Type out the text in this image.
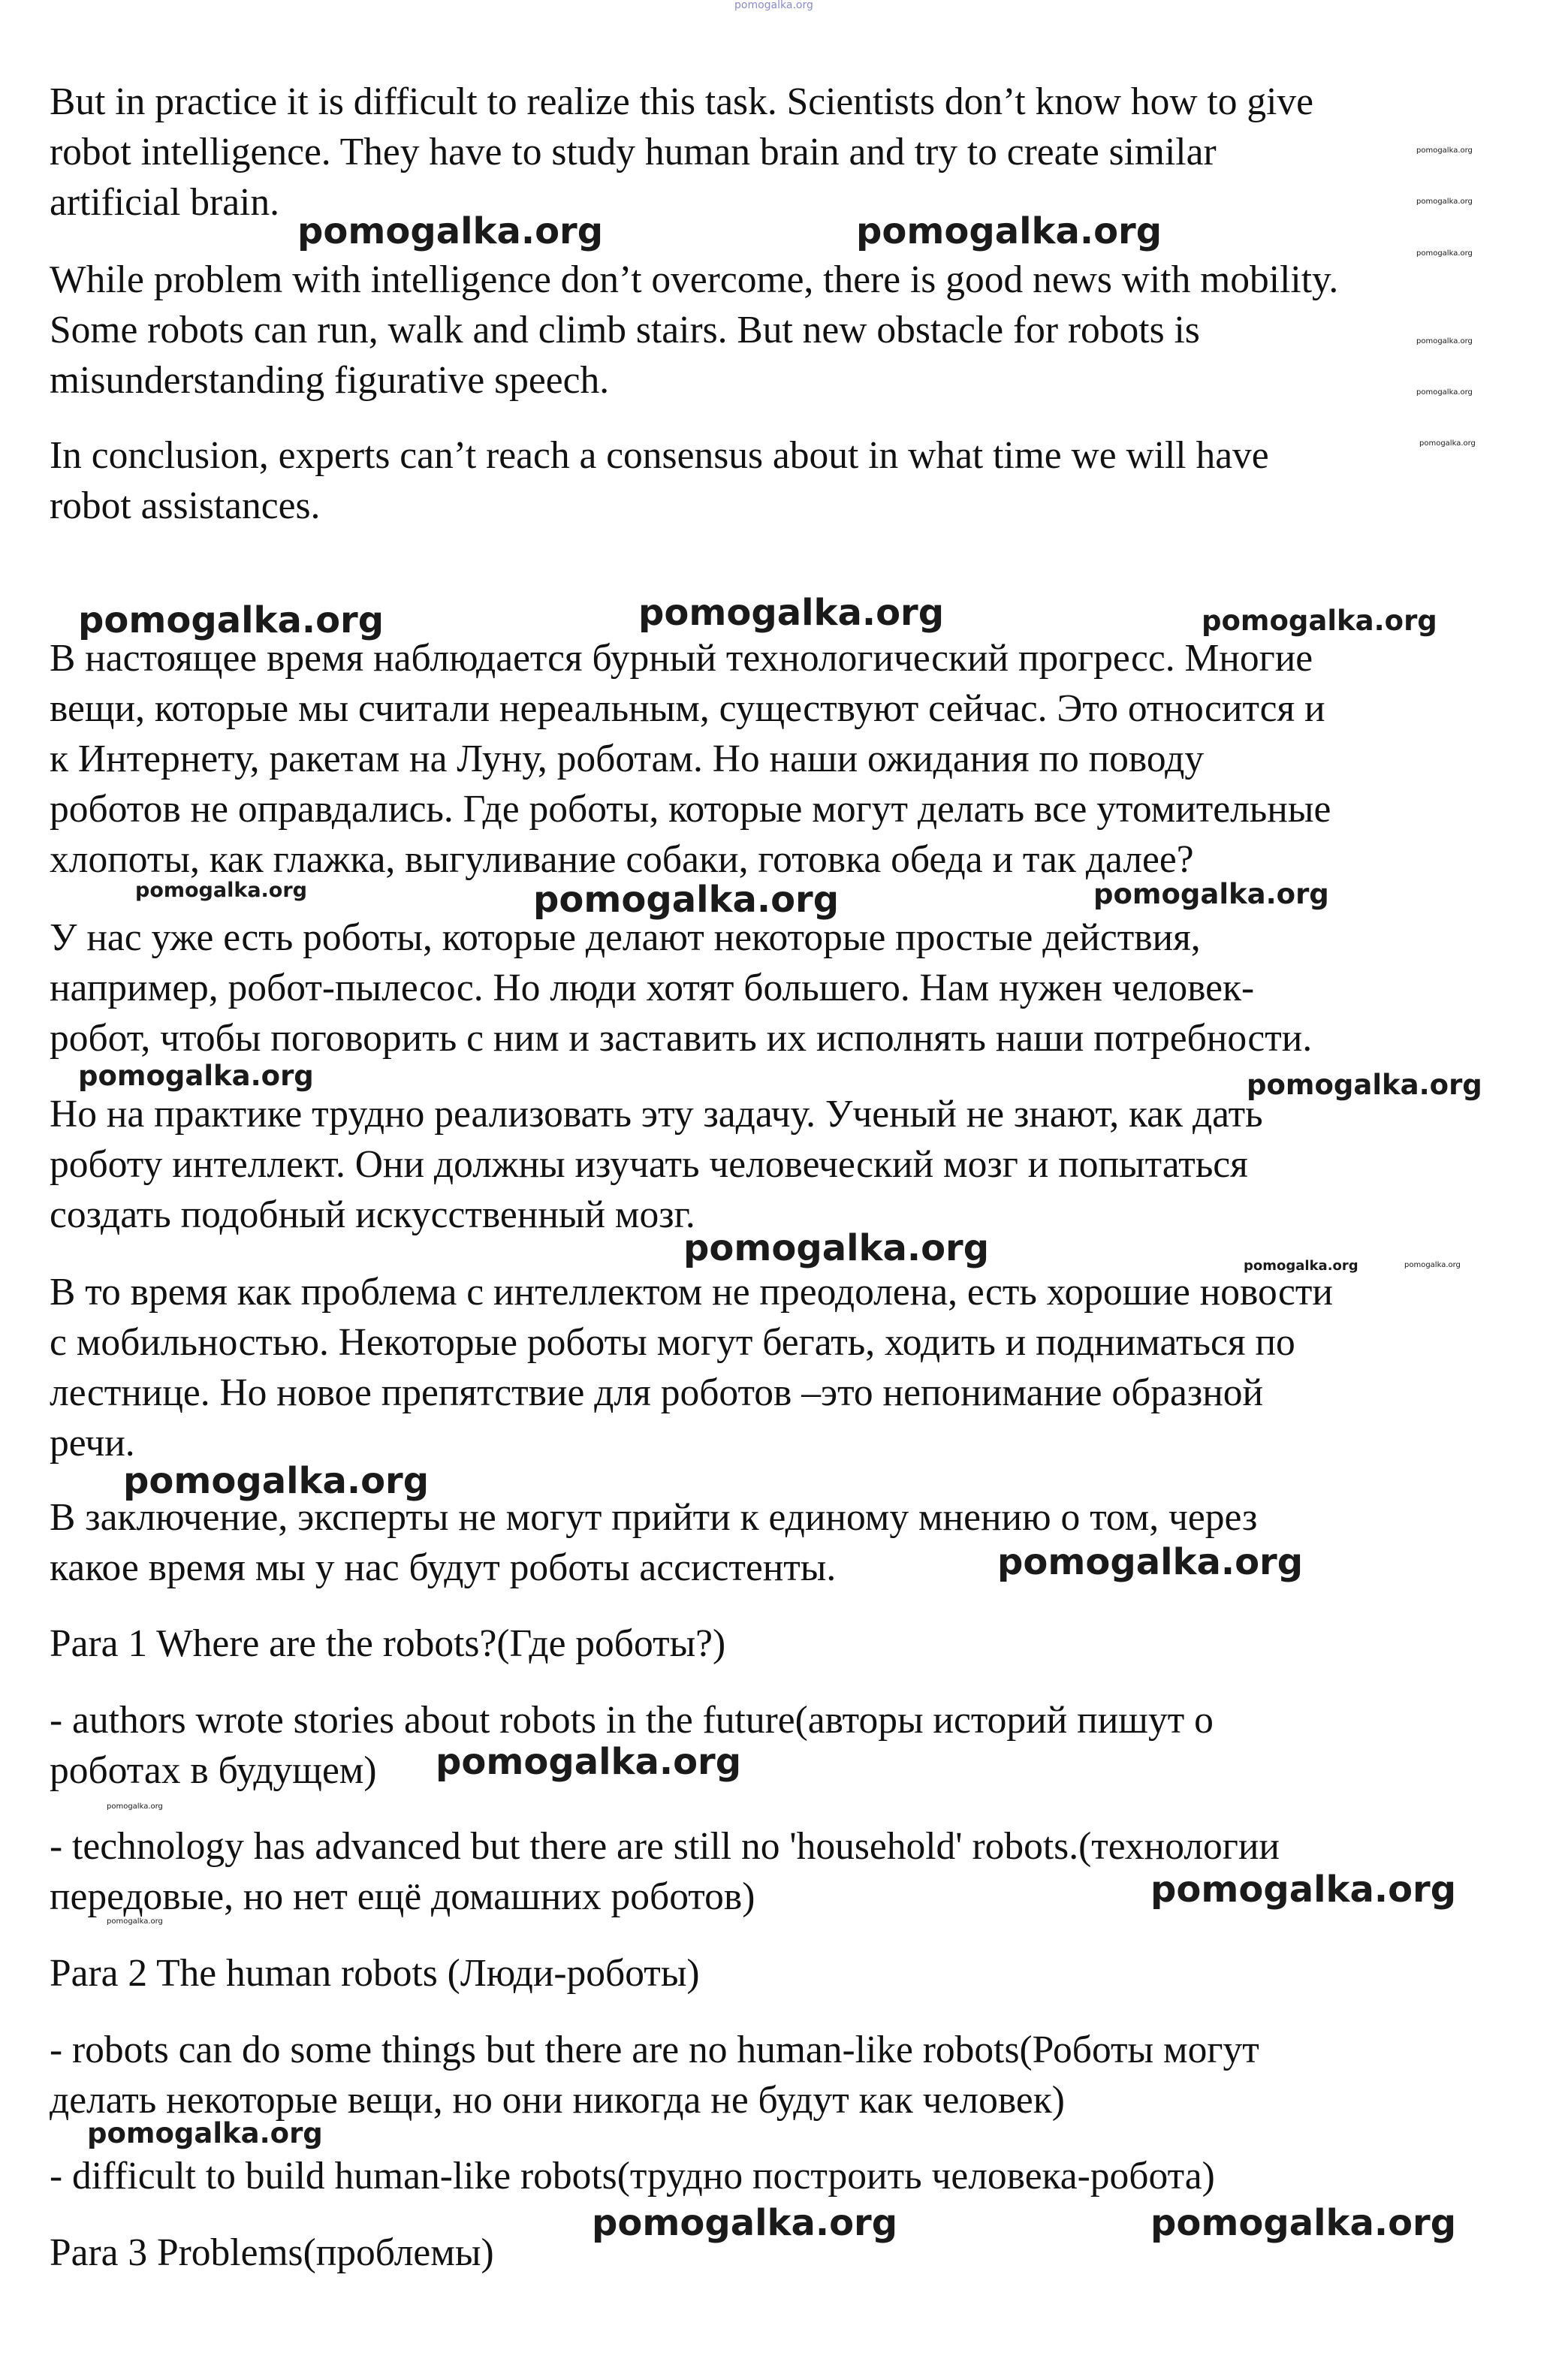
pomogalka.org

But in practice it is difficult to realize this task. Scientists don’t know how to give
robot intelligence. They have to study human brain and try to create similar
artificial brain.

While problem with intelligence don’t overcome, there is good news with mobility.
Some robots can run, walk and climb stairs. But new obstacle for robots is
misunderstanding figurative speech.

In conclusion, experts can’t reach a consensus about in what time we will have
robot assistances.

В настоящее время наблюдается бурный технологический прогресс. Многие
вещи, которые мы считали нереальным, существуют сейчас. Это относится и
к Интернету, ракетам на Луну, роботам. Но наши ожидания по поводу
роботов не оправдались. Где роботы, которые могут делать все утомительные
хлопоты, как глажка, выгуливание собаки, готовка обеда и так далее?

У нас уже есть роботы, которые делают некоторые простые действия,
например, робот-пылесос. Но люди хотят большего. Нам нужен человек-
робот, чтобы поговорить с ним и заставить их исполнять наши потребности.

Но на практике трудно реализовать эту задачу. Ученый не знают, как дать
роботу интеллект. Они должны изучать человеческий мозг и попытаться
создать подобный искусственный мозг.

В то время как проблема с интеллектом не преодолена, есть хорошие новости
с мобильностью. Некоторые роботы могут бегать, ходить и подниматься по
лестнице. Но новое препятствие для роботов –это непонимание образной
речи.

В заключение, эксперты не могут прийти к единому мнению о том, через
какое время мы у нас будут роботы ассистенты.

Para 1 Where are the robots?(Где роботы?)

- authors wrote stories about robots in the future(авторы историй пишут о
роботах в будущем)

- technology has advanced but there are still no 'household' robots.(технологии
передовые, но нет ещё домашних роботов)

Para 2 The human robots (Люди-роботы)

- robots can do some things but there are no human-like robots(Роботы могут
делать некоторые вещи, но они никогда не будут как человек)

- difficult to build human-like robots(трудно построить человека-робота)

Para 3 Problems(проблемы)

pomogalka.org
pomogalka.org
pomogalka.org
pomogalka.org
pomogalka.org
pomogalka.org
pomogalka.org	pomogalka.org
pomogalka.org	pomogalka.org	pomogalka.org
pomogalka.org	pomogalka.org	pomogalka.org
pomogalka.org	pomogalka.org
pomogalka.org	pomogalka.org	pomogalka.org
pomogalka.org
pomogalka.org
pomogalka.org
pomogalka.org
pomogalka.org
pomogalka.org
pomogalka.org
pomogalka.org	pomogalka.org
